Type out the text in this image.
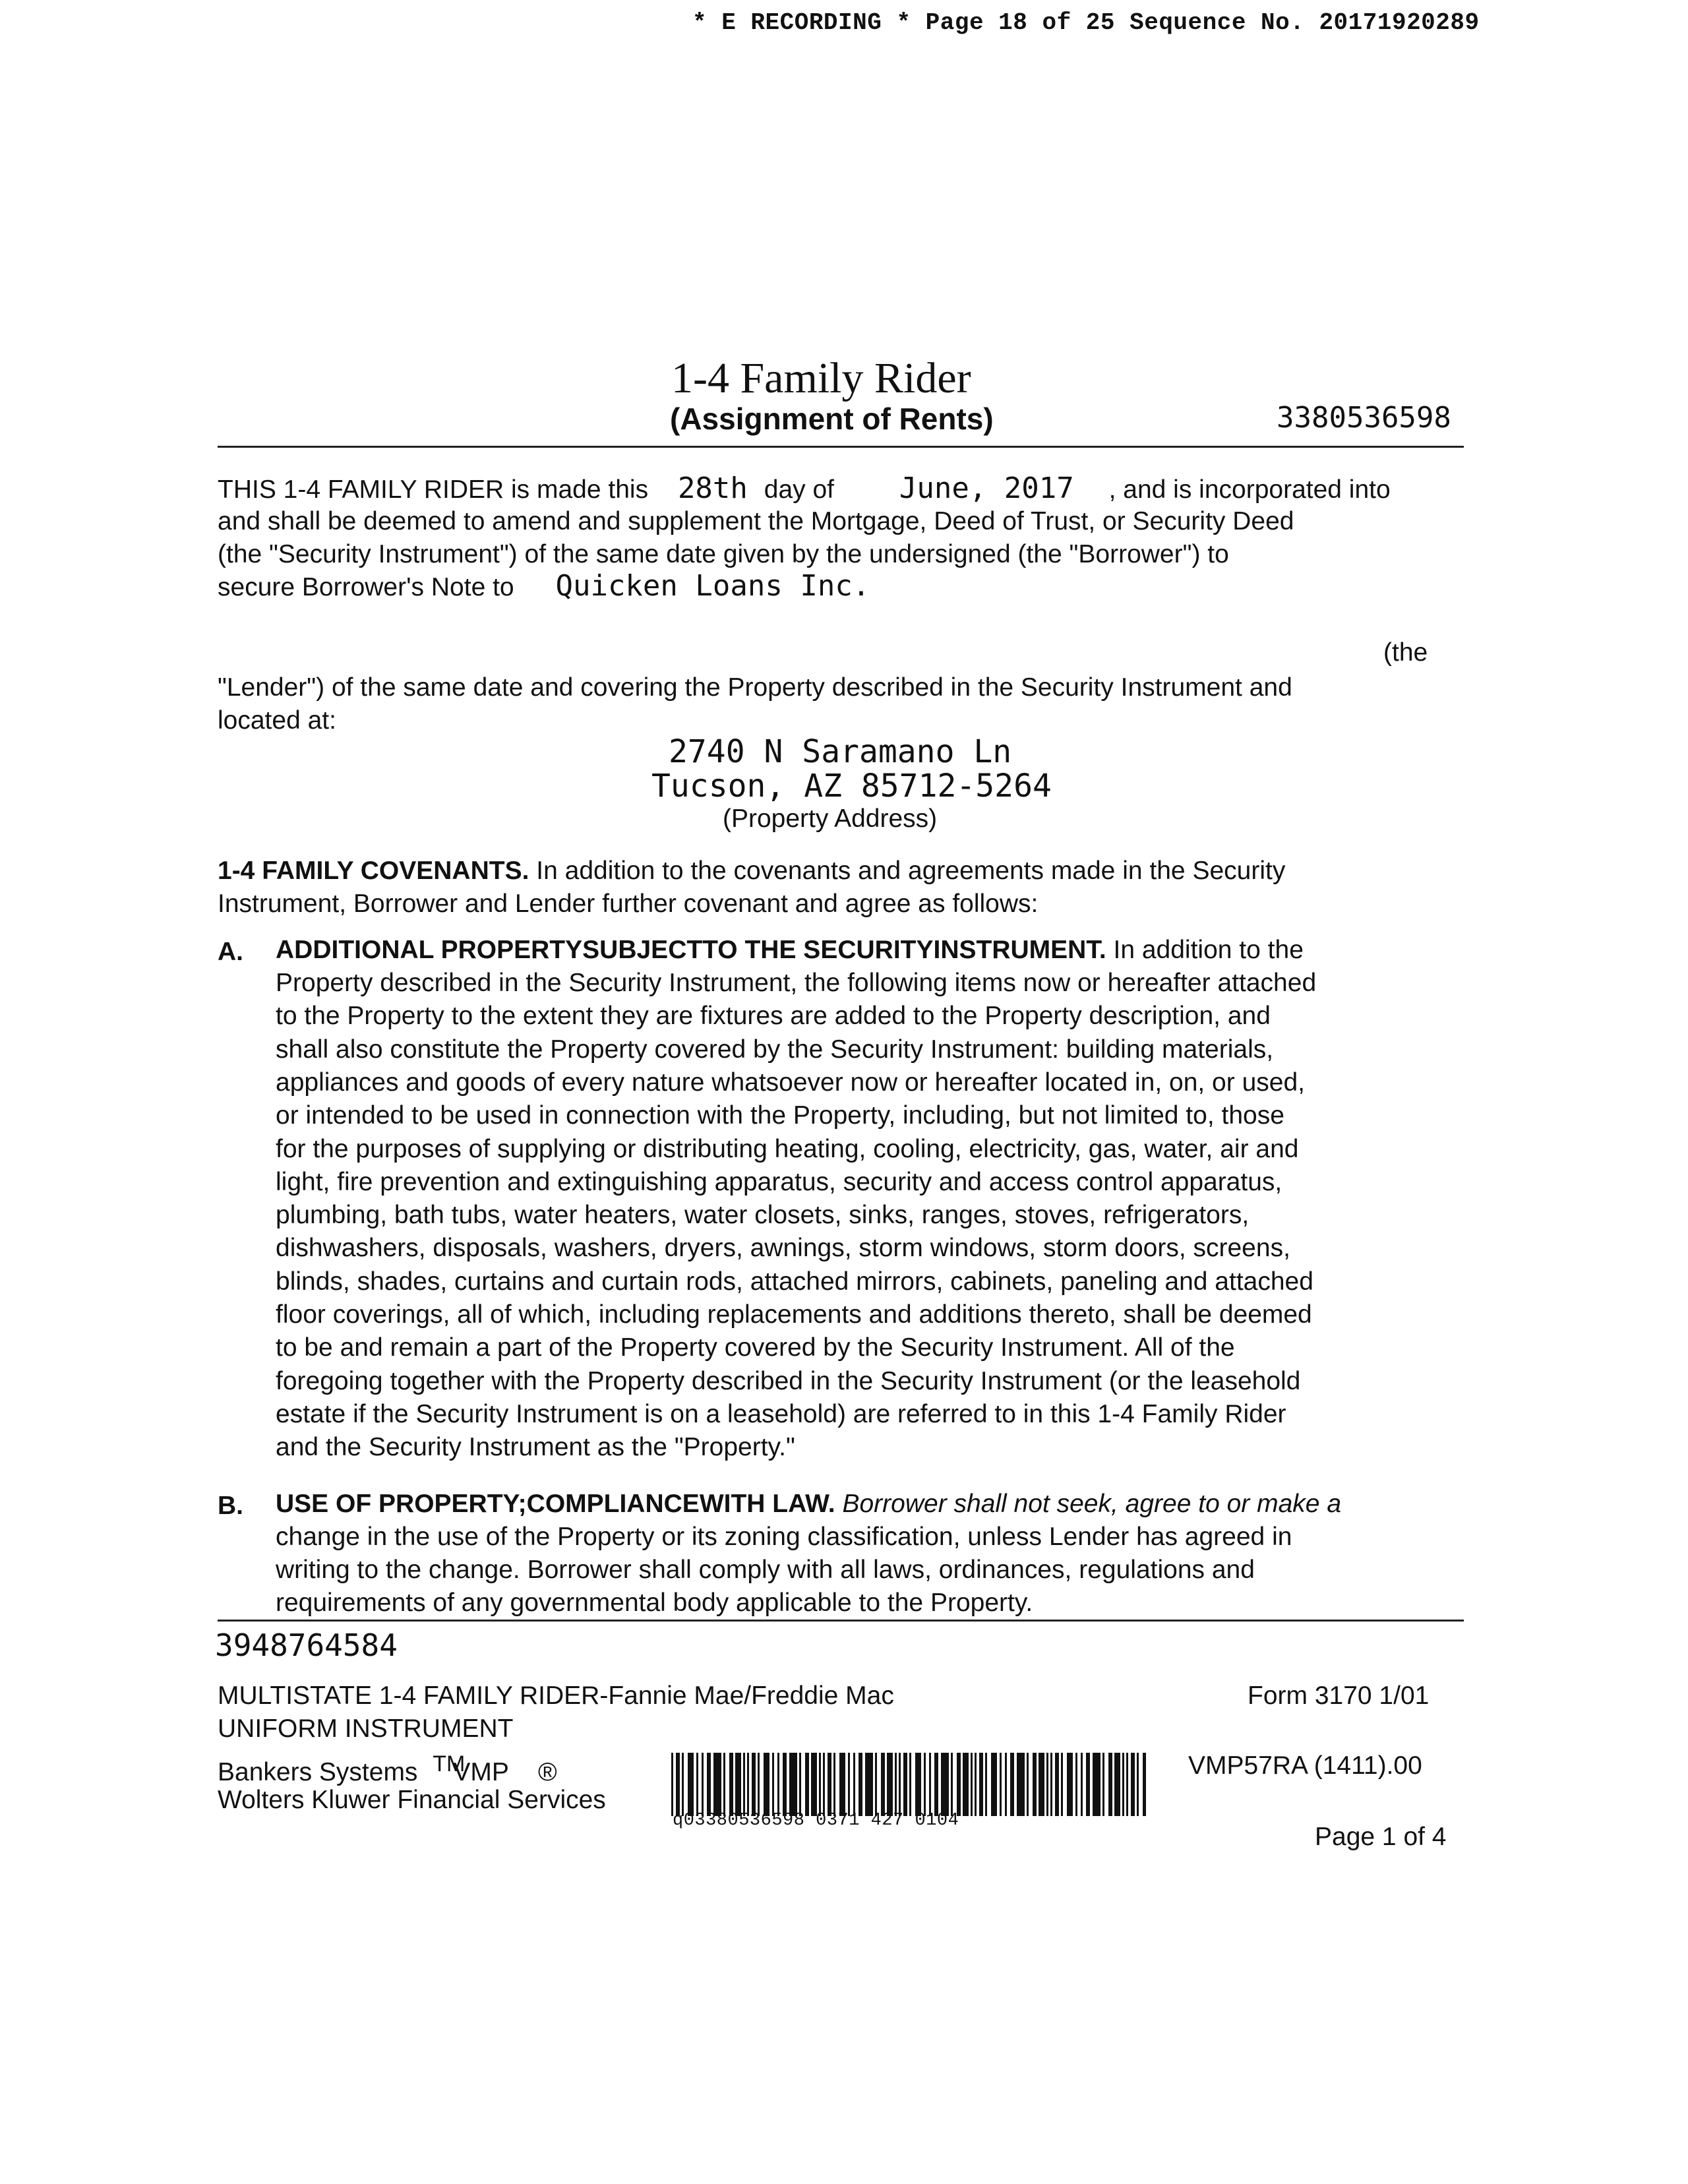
* E RECORDING * Page 18 of 25 Sequence No. 20171920289
1-4 Family Rider
(Assignment of Rents)	3380536598
THIS 1-4 FAMILY RIDER is made this 28th day of June, 2017 , and is incorporated into
and shall be deemed to amend and supplement the Mortgage, Deed of Trust, or Security Deed
(the "Security Instrument") of the same date given by the undersigned (the "Borrower") to
secure Borrower's Note to Quicken Loans Inc.
(the
"Lender") of the same date and covering the Property described in the Security Instrument and
located at:
2740 N Saramano Ln
Tucson, AZ 85712-5264
(Property Address)
1-4 FAMILY COVENANTS. In addition to the covenants and agreements made in the Security
Instrument, Borrower and Lender further covenant and agree as follows:
A. ADDITIONAL PROPERTYSUBJECTTO THE SECURITYINSTRUMENT. In addition to the
Property described in the Security Instrument, the following items now or hereafter attached
to the Property to the extent they are fixtures are added to the Property description, and
shall also constitute the Property covered by the Security Instrument: building materials,
appliances and goods of every nature whatsoever now or hereafter located in, on, or used,
or intended to be used in connection with the Property, including, but not limited to, those
for the purposes of supplying or distributing heating, cooling, electricity, gas, water, air and
light, fire prevention and extinguishing apparatus, security and access control apparatus,
plumbing, bath tubs, water heaters, water closets, sinks, ranges, stoves, refrigerators,
dishwashers, disposals, washers, dryers, awnings, storm windows, storm doors, screens,
blinds, shades, curtains and curtain rods, attached mirrors, cabinets, paneling and attached
floor coverings, all of which, including replacements and additions thereto, shall be deemed
to be and remain a part of the Property covered by the Security Instrument. All of the
foregoing together with the Property described in the Security Instrument (or the leasehold
estate if the Security Instrument is on a leasehold) are referred to in this 1-4 Family Rider
and the Security Instrument as the "Property."
B. USE OF PROPERTY;COMPLIANCEWITH LAW. Borrower shall not seek, agree to or make a
change in the use of the Property or its zoning classification, unless Lender has agreed in
writing to the change. Borrower shall comply with all laws, ordinances, regulations and
requirements of any governmental body applicable to the Property.
3948764584
MULTISTATE 1-4 FAMILY RIDER-Fannie Mae/Freddie Mac	Form 3170 1/01
UNIFORM INSTRUMENT
Bankers Systems ™VMP ®
Wolters Kluwer Financial Services
VMP57RA (1411).00
q03380536598 0371 427 0104
Page 1 of 4
